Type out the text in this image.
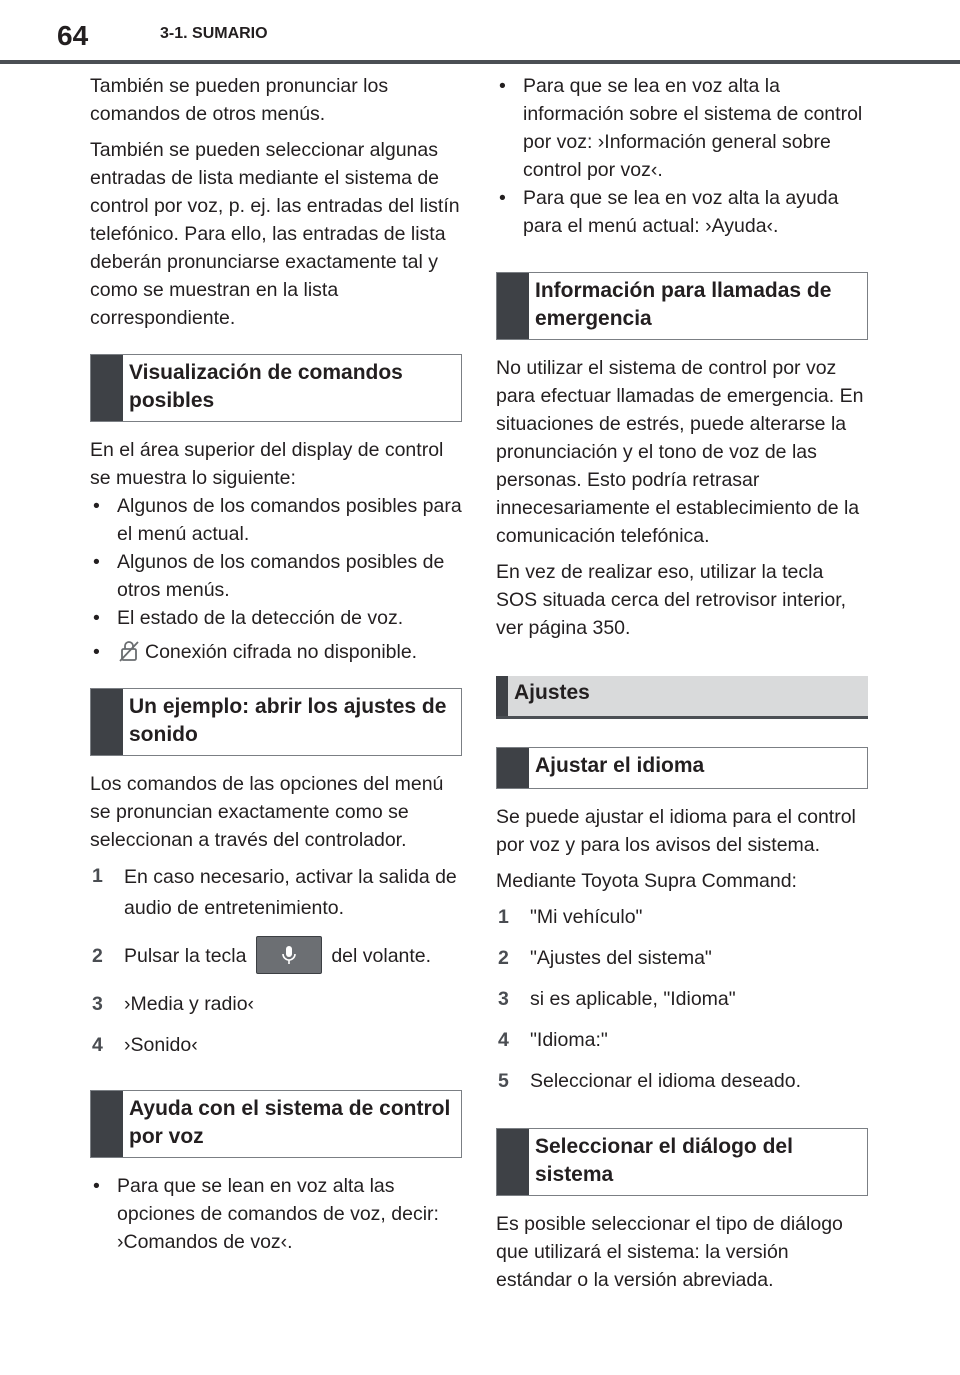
64	3-1. SUMARIO

También se pueden pronunciar los comandos de otros menús.

También se pueden seleccionar algunas entradas de lista mediante el sistema de control por voz, p. ej. las entradas del listín telefónico. Para ello, las entradas de lista deberán pronunciarse exactamente tal y como se muestran en la lista correspondiente.

Visualización de comandos posibles

En el área superior del display de control se muestra lo siguiente:

• Algunos de los comandos posibles para el menú actual.
• Algunos de los comandos posibles de otros menús.
• El estado de la detección de voz.
• Conexión cifrada no disponible.
Un ejemplo: abrir los ajustes de sonido

Los comandos de las opciones del menú se pronuncian exactamente como se seleccionan a través del controlador.

1	En caso necesario, activar la salida de audio de entretenimiento.
2	Pulsar la tecla	del volante.
3	›Media y radio‹
4	›Sonido‹
Ayuda con el sistema de control por voz
• Para que se lean en voz alta las opciones de comandos de voz, decir: ›Comandos de voz‹.
• Para que se lea en voz alta la información sobre el sistema de control por voz: ›Información general sobre control por voz‹.
• Para que se lea en voz alta la ayuda para el menú actual: ›Ayuda‹.
Información para llamadas de emergencia

No utilizar el sistema de control por voz para efectuar llamadas de emergencia. En situaciones de estrés, puede alterarse la pronunciación y el tono de voz de las personas. Esto podría retrasar innecesariamente el establecimiento de la comunicación telefónica.

En vez de realizar eso, utilizar la tecla SOS situada cerca del retrovisor interior, ver página 350.

Ajustes
Ajustar el idioma

Se puede ajustar el idioma para el control por voz y para los avisos del sistema.

Mediante Toyota Supra Command:

1	"Mi vehículo"
2	"Ajustes del sistema"
3	si es aplicable, "Idioma"
4	"Idioma:"
5	Seleccionar el idioma deseado.
Seleccionar el diálogo del sistema

Es posible seleccionar el tipo de diálogo que utilizará el sistema: la versión estándar o la versión abreviada.
